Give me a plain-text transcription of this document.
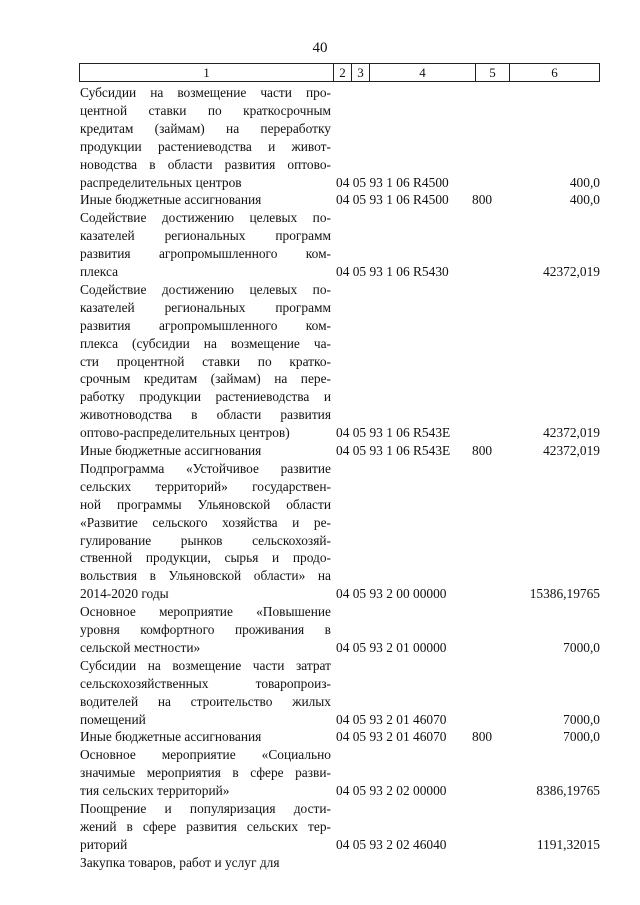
40
1	2 3	4	5	6
Субсидии на возмещение части про-
центной ставки по краткосрочным
кредитам (займам) на переработку
продукции растениеводства и живот-
новодства в области развития оптово-
распределительных центров	04 05 93 1 06 R4500	400,0
Иные бюджетные ассигнования	04 05 93 1 06 R4500 800	400,0
Содействие достижению целевых по-
казателей региональных программ
развития агропромышленного ком-
плекса	04 05 93 1 06 R5430	42372,019
Содействие достижению целевых по-
казателей региональных программ
развития агропромышленного ком-
плекса (субсидии на возмещение ча-
сти процентной ставки по кратко-
срочным кредитам (займам) на пере-
работку продукции растениеводства и
животноводства в области развития
оптово-распределительных центров)	04 05 93 1 06 R543E	42372,019
Иные бюджетные ассигнования	04 05 93 1 06 R543E 800	42372,019
Подпрограмма «Устойчивое развитие
сельских территорий» государствен-
ной программы Ульяновской области
«Развитие сельского хозяйства и ре-
гулирование рынков сельскохозяй-
ственной продукции, сырья и продо-
вольствия в Ульяновской области» на
2014-2020 годы	04 05 93 2 00 00000	15386,19765
Основное мероприятие «Повышение
уровня комфортного проживания в
сельской местности»	04 05 93 2 01 00000	7000,0
Субсидии на возмещение части затрат
сельскохозяйственных товаропроиз-
водителей на строительство жилых
помещений	04 05 93 2 01 46070	7000,0
Иные бюджетные ассигнования	04 05 93 2 01 46070 800	7000,0
Основное мероприятие «Социально
значимые мероприятия в сфере разви-
тия сельских территорий»	04 05 93 2 02 00000	8386,19765
Поощрение и популяризация дости-
жений в сфере развития сельских тер-
риторий	04 05 93 2 02 46040	1191,32015
Закупка товаров, работ и услуг для
